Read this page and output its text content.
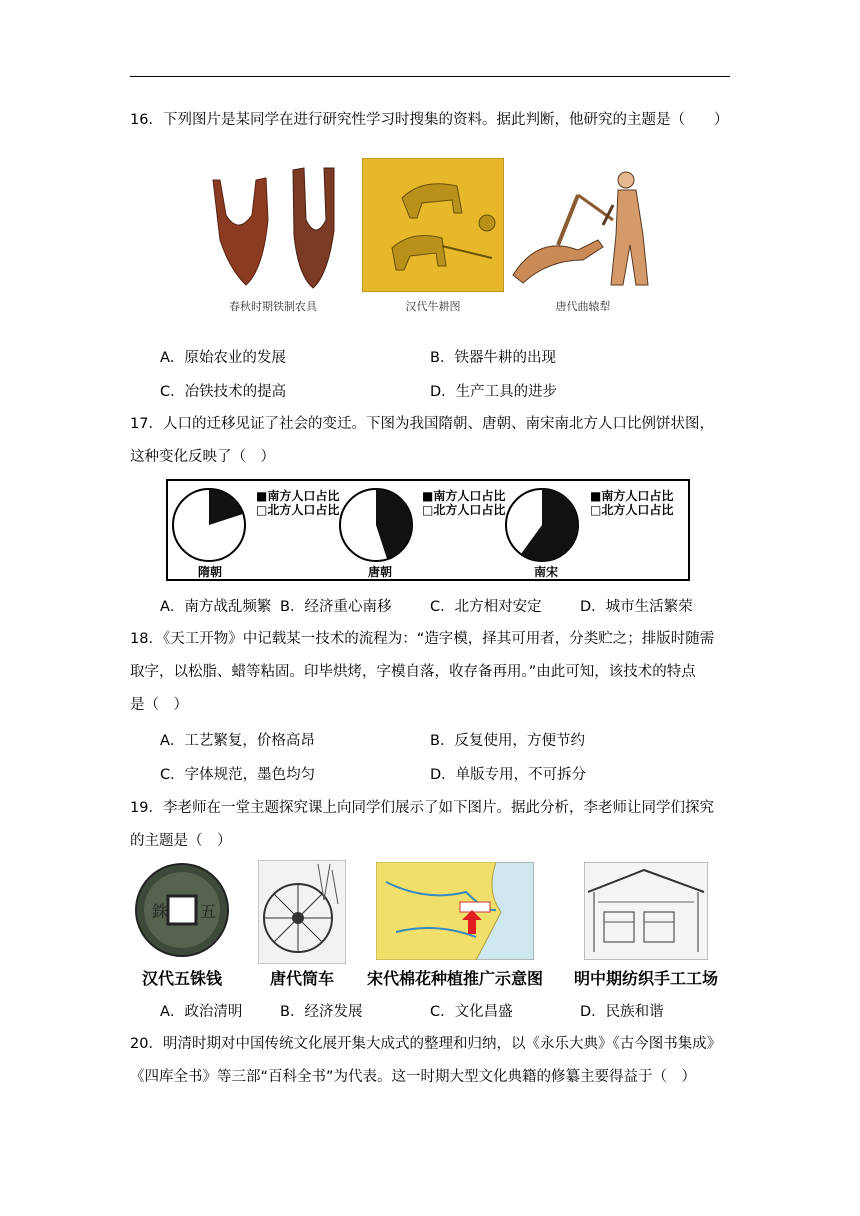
16．下列图片是某同学在进行研究性学习时搜集的资料。据此判断，他研究的主题是（　　）
春秋时期铁制农具	汉代牛耕图	唐代曲辕犁
A．原始农业的发展	B．铁器牛耕的出现
C．冶铁技术的提高	D．生产工具的进步
17．人口的迁移见证了社会的变迁。下图为我国隋朝、唐朝、南宋南北方人口比例饼状图，
这种变化反映了（　）
■南方人口占比
□北方人口占比
■南方人口占比
□北方人口占比
■南方人口占比
□北方人口占比
隋朝	唐朝	南宋
A．南方战乱频繁 B．经济重心南移	C．北方相对安定	D．城市生活繁荣
18．《天工开物》中记载某一技术的流程为：“造字模，择其可用者，分类贮之；排版时随需
取字，以松脂、蜡等粘固。印毕烘烤，字模自落，收存备再用。”由此可知，该技术的特点
是（　）
A．工艺繁复，价格高昂	B．反复使用，方便节约
C．字体规范，墨色均匀	D．单版专用，不可拆分
19．李老师在一堂主题探究课上向同学们展示了如下图片。据此分析，李老师让同学们探究
的主题是（　）
銖 五
汉代五铢钱	唐代筒车	宋代棉花种植推广示意图	明中期纺织手工工场
A．政治清明	B．经济发展	C．文化昌盛	D．民族和谐
20．明清时期对中国传统文化展开集大成式的整理和归纳，以《永乐大典》《古今图书集成》
《四库全书》等三部“百科全书”为代表。这一时期大型文化典籍的修纂主要得益于（　）
